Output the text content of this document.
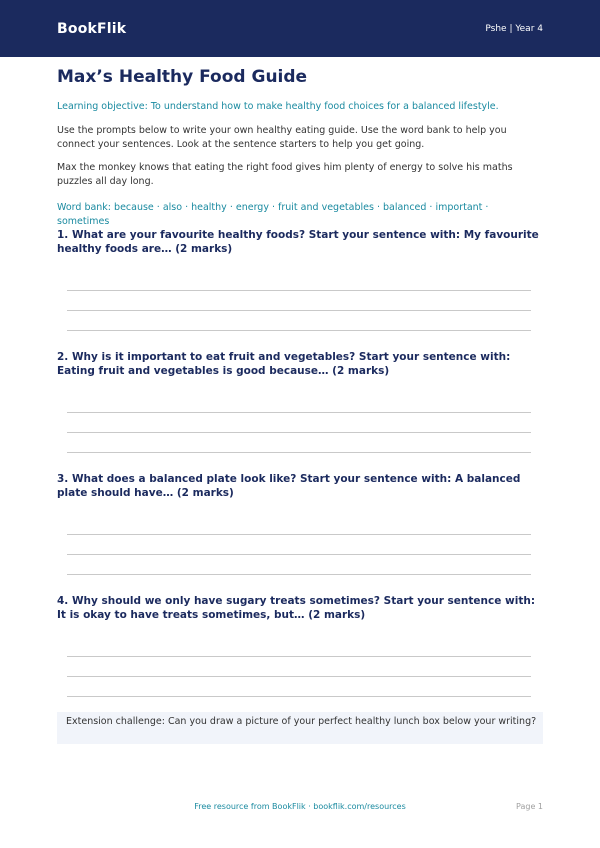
BookFlik	Pshe | Year 4
Max’s Healthy Food Guide
Learning objective: To understand how to make healthy food choices for a balanced lifestyle.
Use the prompts below to write your own healthy eating guide. Use the word bank to help you connect your sentences. Look at the sentence starters to help you get going.
Max the monkey knows that eating the right food gives him plenty of energy to solve his maths puzzles all day long.
Word bank: because · also · healthy · energy · fruit and vegetables · balanced · important · sometimes
1. What are your favourite healthy foods? Start your sentence with: My favourite healthy foods are… (2 marks)
2. Why is it important to eat fruit and vegetables? Start your sentence with: Eating fruit and vegetables is good because… (2 marks)
3. What does a balanced plate look like? Start your sentence with: A balanced plate should have… (2 marks)
4. Why should we only have sugary treats sometimes? Start your sentence with: It is okay to have treats sometimes, but… (2 marks)
Extension challenge: Can you draw a picture of your perfect healthy lunch box below your writing?
Free resource from BookFlik · bookflik.com/resources	Page 1
